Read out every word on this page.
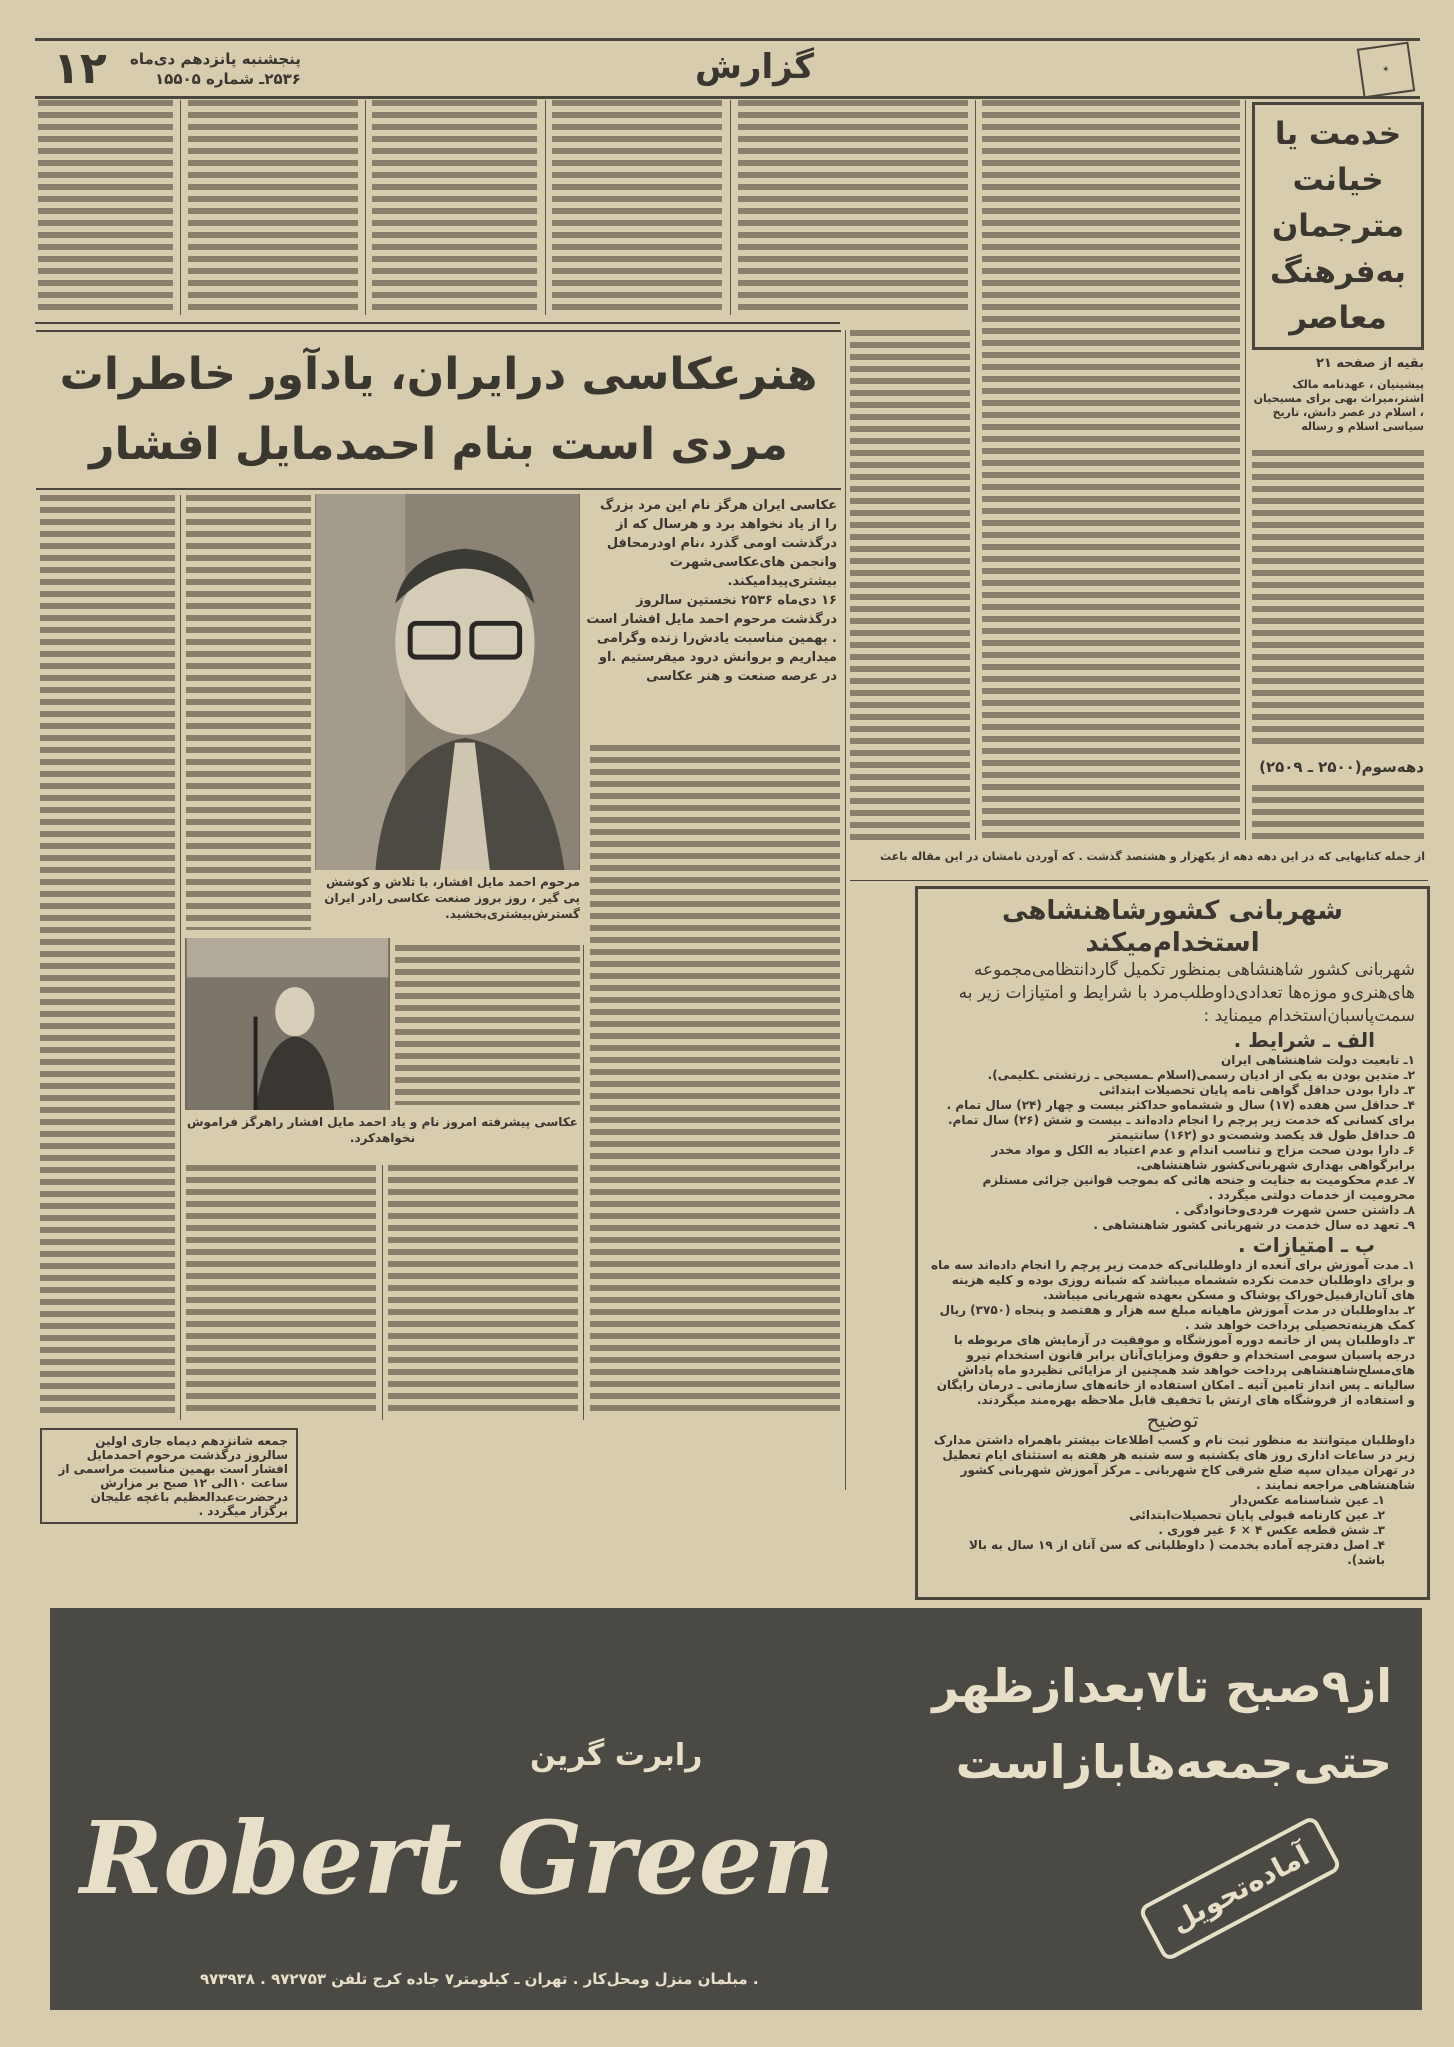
۱۲ پنجشنبه پانزدهم دی‌ماه
۲۵۳۶ـ شماره ۱۵۵۰۵	گزارش	✶
خدمت یا
خیانت
مترجمان
به‌فرهنگ
معاصر
بقیه از صفحه ۲۱
پیشینیان ، عهدنامه مالک اشتر،میراث بهی برای مسیحیان ، اسلام در عصر دانش، تاریخ سیاسی اسلام و رساله
دهه‌سوم(۲۵۰۰ ـ ۲۵۰۹)
از جمله کتابهایی که در این دهه دهه از یکهزار و هشتصد گذشت . که آوردن نامشان در این مقاله باعث
هنرعکاسی درایران، یادآور خاطرات
مردی است بنام احمدمایل افشار
عکاسی ایران هرگز نام این مرد بزرگ را از یاد نخواهد برد و هرسال که از درگذشت اومی گذرد ،نام اودرمحافل وانجمن های‌عکاسی‌شهرت بیشتری‌پیدامیکند.
۱۶ دی‌ماه ۲۵۳۶ نخستین سالروز درگذشت مرحوم احمد مایل افشار است . بهمین مناسبت یادش‌را زنده وگرامی میداریم و بروانش درود میفرستیم .او در عرصه صنعت و هنر عکاسی
مرحوم احمد مایل افشار، با تلاش و کوشش پی گیر ، روز بروز صنعت عکاسی رادر ایران گسترش‌بیشتری‌بخشید.
عکاسی پیشرفته امروز نام و یاد احمد مایل افشار راهرگز فراموش نخواهدکرد.
جمعه شانزدهم دیماه جاری اولین سالروز درگذشت مرحوم احمدمایل افشار است بهمین مناسبت مراسمی از ساعت ۱۰الی ۱۲ صبح بر مزارش درحضرت‌عبدالعظیم باغچه علیجان برگزار میگردد .
شهربانی کشورشاهنشاهی استخدام‌میکند
شهربانی کشور شاهنشاهی بمنظور تکمیل گاردانتظامی‌مجموعه های‌هنری‌و موزه‌ها تعدادی‌داوطلب‌مرد با شرایط و امتیازات زیر به سمت‌پاسبان‌استخدام میمناید :
الف ـ شرایط .
۱ـ تابعیت دولت شاهنشاهی ایران
۲ـ متدین بودن به یکی از ادیان رسمی(اسلام ـمسیحی ـ زرتشتی ـکلیمی).
۳ـ دارا بودن حداقل گواهی نامه پایان تحصیلات ابتدائی
۴ـ حداقل سن هفده (۱۷) سال و ششماه‌و حداکثر بیست و چهار (۲۴) سال تمام . برای کسانی که خدمت زیر پرچم را انجام داده‌اند ـ بیست و شش (۲۶) سال تمام.
۵ـ حداقل طول قد یکصد وشصت‌و دو (۱۶۲) سانتیمتر
۶ـ دارا بودن صحت مزاج و تناسب اندام و عدم اعتیاد به الکل و مواد مخدر برابرگواهی بهداری شهربانی‌کشور شاهنشاهی.
۷ـ عدم محکومیت به جنایت و جنحه هائی که بموجب قوانین جزائی مستلزم محرومیت از خدمات دولتی میگردد .
۸ـ داشتن حسن شهرت فردی‌وخانوادگی .
۹ـ تعهد ده سال خدمت در شهربانی کشور شاهنشاهی .
ب ـ امتیازات .
۱ـ مدت آموزش برای آنعده از داوطلبانی‌که خدمت زیر پرچم را انجام داده‌اند سه ماه و برای داوطلبان خدمت نکرده ششماه میباشد که شبانه روزی بوده و کلیه هزینه های آنان‌ازقبیل‌خوراک پوشاک و مسکن بعهده شهربانی میباشد.
۲ـ بداوطلبان در مدت آموزش ماهیانه مبلغ سه هزار و هفتصد و پنجاه (۳۷۵۰) ریال کمک هزینه‌تحصیلی پرداخت خواهد شد .
۳ـ داوطلبان پس از خاتمه دوره آموزشگاه و موفقیت در آزمایش های مربوطه با درجه پاسبان سومی استخدام و حقوق ومزایای‌آنان برابر قانون استخدام نیرو های‌مسلح‌شاهنشاهی پرداخت خواهد شد همچنین از مزایائی نظیردو ماه پاداش سالیانه ـ پس انداز تامین آتیه ـ امکان استفاده از خانه‌های سازمانی ـ درمان رایگان و استفاده از فروشگاه های ارتش با تخفیف قابل ملاحظه بهره‌مند میگردند.
توضیح
داوطلبان میتوانند به منظور ثبت نام و کسب اطلاعات بیشتر باهمراه داشتن مدارک زیر در ساعات اداری روز های یکشنبه و سه شنبه هر هفته به استثنای ایام تعطیل در تهران میدان سپه ضلع شرقی کاخ شهربانی ـ مرکز آموزش شهربانی کشور شاهنشاهی مراجعه نمایند .
۱ـ عین شناسنامه عکس‌دار
۲ـ عین کارنامه قبولی پایان تحصیلات‌ابتدائی
۳ـ شش قطعه عکس ۴ × ۶ غیر فوری .
۴ـ اصل دفترچه آماده بخدمت ( داوطلبانی که سن آنان از ۱۹ سال به بالا باشد).
از۹صبح تا۷بعدازظهر
حتی‌جمعه‌هابازاست
Robert Green
رابرت گرین
آماده‌تحویل
. مبلمان منزل ومحل‌کار . تهران ـ کیلومتر۷ جاده کرج تلفن ۹۷۲۷۵۳ . ۹۷۳۹۳۸
